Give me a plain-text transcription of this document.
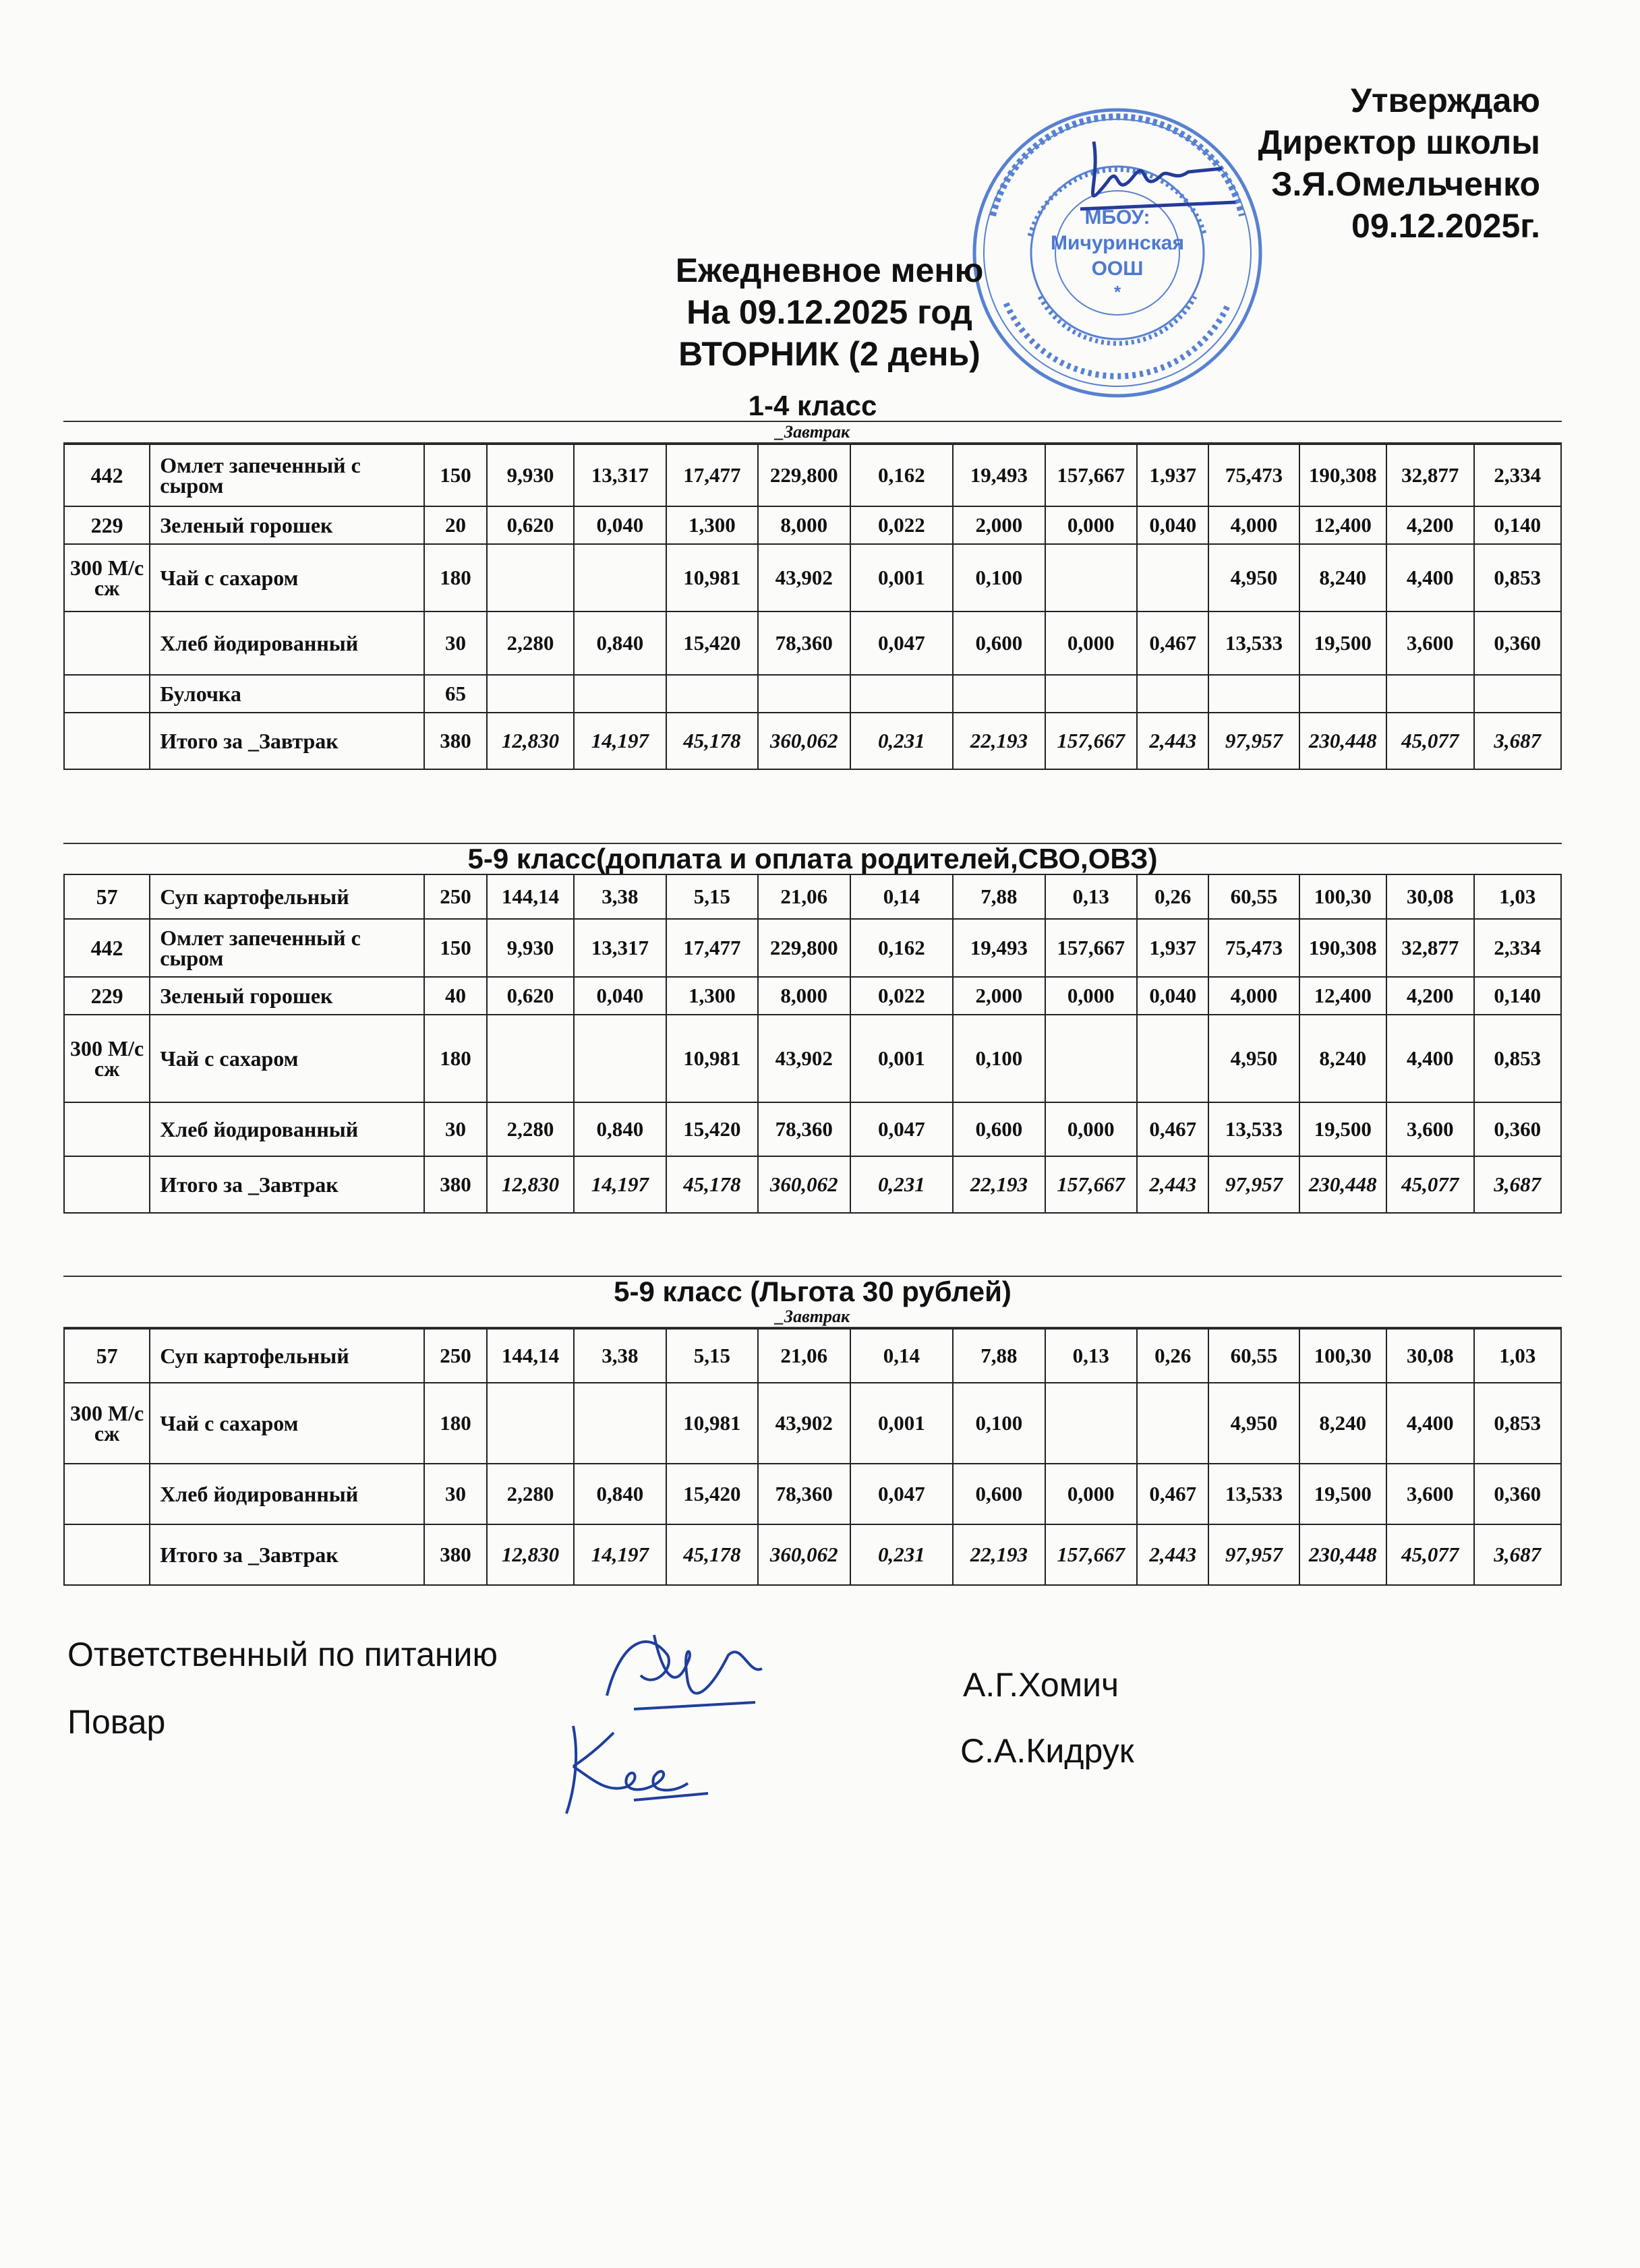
Утверждаю
Директор школы
З.Я.Омельченко
09.12.2025г.
МБОУ:
Мичуринская
ООШ
*
Ежедневное меню
На 09.12.2025 год
ВТОРНИК (2 день)
1-4 класс
_Завтрак
442	Омлет запеченный с сыром	150	9,930	13,317	17,477	229,800	0,162	19,493	157,667	1,937	75,473	190,308	32,877	2,334
229	Зеленый горошек	20	0,620	0,040	1,300	8,000	0,022	2,000	0,000	0,040	4,000	12,400	4,200	0,140
300 М/с сж	Чай с сахаром	180			10,981	43,902	0,001	0,100			4,950	8,240	4,400	0,853
	Хлеб йодированный	30	2,280	0,840	15,420	78,360	0,047	0,600	0,000	0,467	13,533	19,500	3,600	0,360
	Булочка	65												
	Итого за _Завтрак	380	12,830	14,197	45,178	360,062	0,231	22,193	157,667	2,443	97,957	230,448	45,077	3,687
5-9 класс(доплата и оплата родителей,СВО,ОВЗ)
57	Суп картофельный	250	144,14	3,38	5,15	21,06	0,14	7,88	0,13	0,26	60,55	100,30	30,08	1,03
442	Омлет запеченный с сыром	150	9,930	13,317	17,477	229,800	0,162	19,493	157,667	1,937	75,473	190,308	32,877	2,334
229	Зеленый горошек	40	0,620	0,040	1,300	8,000	0,022	2,000	0,000	0,040	4,000	12,400	4,200	0,140
300 М/с сж	Чай с сахаром	180			10,981	43,902	0,001	0,100			4,950	8,240	4,400	0,853
	Хлеб йодированный	30	2,280	0,840	15,420	78,360	0,047	0,600	0,000	0,467	13,533	19,500	3,600	0,360
	Итого за _Завтрак	380	12,830	14,197	45,178	360,062	0,231	22,193	157,667	2,443	97,957	230,448	45,077	3,687
5-9 класс (Льгота 30 рублей)
_Завтрак
57	Суп картофельный	250	144,14	3,38	5,15	21,06	0,14	7,88	0,13	0,26	60,55	100,30	30,08	1,03
300 М/с сж	Чай с сахаром	180			10,981	43,902	0,001	0,100			4,950	8,240	4,400	0,853
	Хлеб йодированный	30	2,280	0,840	15,420	78,360	0,047	0,600	0,000	0,467	13,533	19,500	3,600	0,360
	Итого за _Завтрак	380	12,830	14,197	45,178	360,062	0,231	22,193	157,667	2,443	97,957	230,448	45,077	3,687
Ответственный по питанию
А.Г.Хомич
Повар
С.А.Кидрук
